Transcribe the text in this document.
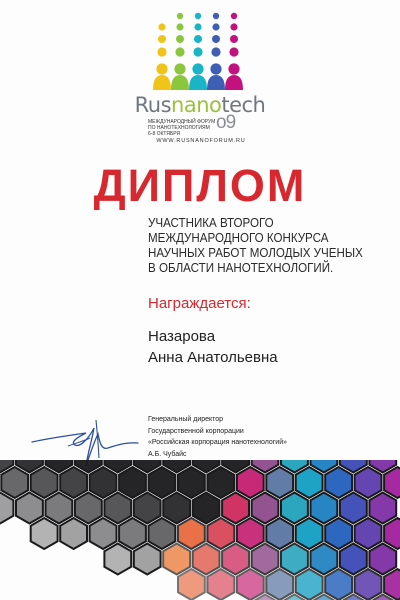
Rusnanotech
МЕЖДУНАРОДНЫЙ ФОРУМ
ПО НАНОТЕХНОЛОГИЯМ
6-8 ОКТЯБРЯ
o9
WWW.RUSNANOFORUM.RU
ДИПЛОМ
УЧАСТНИКА ВТОРОГО
МЕЖДУНАРОДНОГО КОНКУРСА
НАУЧНЫХ РАБОТ МОЛОДЫХ УЧЕНЫХ
В ОБЛАСТИ НАНОТЕХНОЛОГИЙ.
Награждается:
Назарова
Анна Анатольевна
Генеральный директор
Государственной корпорации
«Российская корпорация нанотехнологий»
А.Б. Чубайс
